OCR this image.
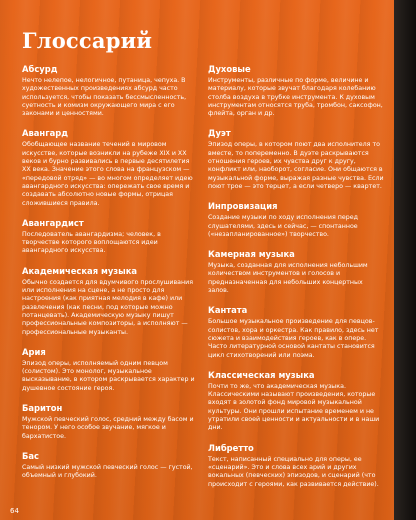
Глоссарий
Абсурд

Нечто нелепое, нелогичное, путаница, чепуха. В художественных произведениях абсурд часто используется, чтобы показать бессмысленность, суетность и комизм окружающего мира с его законами и ценностями.

Авангард

Обобщающее название течений в мировом искусстве, которые возникли на рубеже XIX и XX веков и бурно развивались в первые десятилетия XX века. Значение этого слова на французском — «передовой отряд» — во многом определяет идею авангардного искусства: опережать свое время и создавать абсолютно новые формы, отрицая сложившиеся правила.

Авангардист

Последователь авангардизма; человек, в творчестве которого воплощаются идеи авангардного искусства.

Академическая музыка

Обычно создается для вдумчивого прослушивания или исполнения на сцене, а не просто для настроения (как приятная мелодия в кафе) или развлечения (как песни, под которые можно потанцевать). Академическую музыку пишут профессиональные композиторы, а исполняют — профессиональные музыканты.

Ария

Эпизод оперы, исполняемый одним певцом (солистом). Это монолог, музыкальное высказывание, в котором раскрывается характер и душевное состояние героя.

Баритон

Мужской певческий голос, средний между басом и тенором. У него особое звучание, мягкое и бархатистое.

Бас

Самый низкий мужской певческий голос — густой, объемный и глубокий.

Духовые

Инструменты, различные по форме, величине и материалу, которые звучат благодаря колебанию столба воздуха в трубке инструмента. К духовым инструментам относятся труба, тромбон, саксофон, флейта, орган и др.

Дуэт

Эпизод оперы, в котором поют два исполнителя то вместе, то попеременно. В дуэте раскрываются отношения героев, их чувства друг к другу, конфликт или, наоборот, согласие. Они общаются в музыкальной форме, выражая разные чувства. Если поют трое — это терцет, а если четверо — квартет.

Инпровизация

Создание музыки по ходу исполнения перед слушателями, здесь и сейчас, — спонтанное («незапланированное») творчество.

Камерная музыка

Музыка, созданная для исполнения небольшим количеством инструментов и голосов и предназначенная для небольших концертных залов.

Кантата

Большое музыкальное произведение для певцов-солистов, хора и оркестра. Как правило, здесь нет сюжета и взаимодействия героев, как в опере. Часто литературной основой кантаты становится цикл стихотворений или поэма.

Классическая музыка

Почти то же, что академическая музыка. Классическими называют произведения, которые входят в золотой фонд мировой музыкальной культуры. Они прошли испытание временем и не утратили своей ценности и актуальности и в наши дни.

Либретто

Текст, написанный специально для оперы, ее «сценарий». Это и слова всех арий и других вокальных (певческих) эпизодов, и сценарий (что происходит с героями, как развивается действие).

64
